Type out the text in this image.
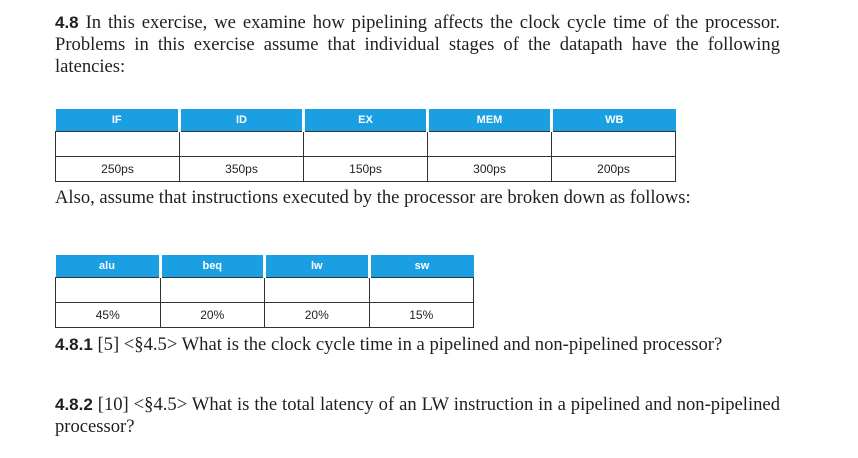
4.8 In this exercise, we examine how pipelining affects the clock cycle time of the processor. Problems in this exercise assume that individual stages of the datapath have the following latencies:

IF	ID	EX	MEM	WB

250ps	350ps	150ps	300ps	200ps

Also, assume that instructions executed by the processor are broken down as follows:

alu	beq	lw	sw

45%	20%	20%	15%

4.8.1 [5] <§4.5> What is the clock cycle time in a pipelined and non-pipelined processor?

4.8.2 [10] <§4.5> What is the total latency of an LW instruction in a pipelined and non-pipelined processor?
